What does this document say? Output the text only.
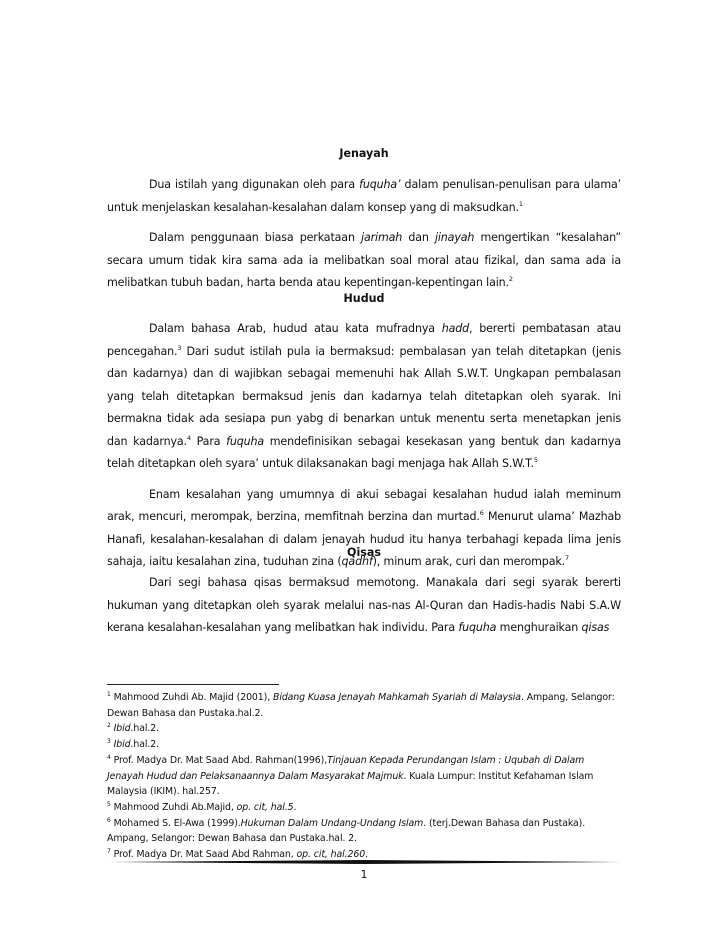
Jenayah

Dua istilah yang digunakan oleh para fuquha’ dalam penulisan-penulisan para ulama’ untuk menjelaskan kesalahan-kesalahan dalam konsep yang di maksudkan.$^1$

Dalam penggunaan biasa perkataan jarimah dan jinayah mengertikan “kesalahan” secara umum tidak kira sama ada ia melibatkan soal moral atau fizikal, dan sama ada ia melibatkan tubuh badan, harta benda atau kepentingan-kepentingan lain.$^2$

Hudud

Dalam bahasa Arab, hudud atau kata mufradnya hadd, bererti pembatasan atau pencegahan.$^3$ Dari sudut istilah pula ia bermaksud: pembalasan yan telah ditetapkan (jenis dan kadarnya) dan di wajibkan sebagai memenuhi hak Allah S.W.T. Ungkapan pembalasan yang telah ditetapkan bermaksud jenis dan kadarnya telah ditetapkan oleh syarak. Ini bermakna tidak ada sesiapa pun yabg di benarkan untuk menentu serta menetapkan jenis dan kadarnya.$^4$ Para fuquha mendefinisikan sebagai kesekasan yang bentuk dan kadarnya telah ditetapkan oleh syara’ untuk dilaksanakan bagi menjaga hak Allah S.W.T.$^5$

Enam kesalahan yang umumnya di akui sebagai kesalahan hudud ialah meminum arak, mencuri, merompak, berzina, memfitnah berzina dan murtad.$^6$ Menurut ulama’ Mazhab Hanafi, kesalahan-kesalahan di dalam jenayah hudud itu hanya terbahagi kepada lima jenis sahaja, iaitu kesalahan zina, tuduhan zina (qadhf), minum arak, curi dan merompak.$^7$

Qisas

Dari segi bahasa qisas bermaksud memotong. Manakala dari segi syarak bererti hukuman yang ditetapkan oleh syarak melalui nas-nas Al-Quran dan Hadis-hadis Nabi S.A.W kerana kesalahan-kesalahan yang melibatkan hak individu. Para fuquha menghuraikan qisas

$^1$ Mahmood Zuhdi Ab. Majid (2001), Bidang Kuasa Jenayah Mahkamah Syariah di Malaysia. Ampang, Selangor: Dewan Bahasa dan Pustaka.hal.2.

$^2$ Ibid.hal.2.

$^3$ Ibid.hal.2.

$^4$ Prof. Madya Dr. Mat Saad Abd. Rahman(1996),Tinjauan Kepada Perundangan Islam : Uqubah di Dalam Jenayah Hudud dan Pelaksanaannya Dalam Masyarakat Majmuk. Kuala Lumpur: Institut Kefahaman Islam Malaysia (IKIM). hal.257.

$^5$ Mahmood Zuhdi Ab.Majid, op. cit, hal.5.

$^6$ Mohamed S. El-Awa (1999).Hukuman Dalam Undang-Undang Islam. (terj.Dewan Bahasa dan Pustaka). Ampang, Selangor: Dewan Bahasa dan Pustaka.hal. 2.

$^7$ Prof. Madya Dr. Mat Saad Abd Rahman, op. cit, hal.260.

1
